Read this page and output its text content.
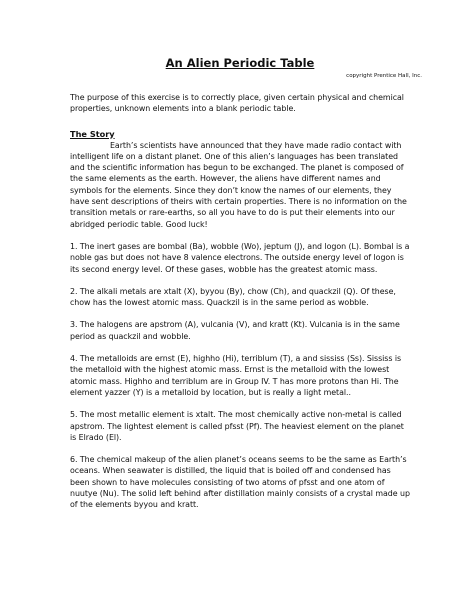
An Alien Periodic Table
copyright Prentice Hall, Inc.

The purpose of this exercise is to correctly place, given certain physical and chemical properties, unknown elements into a blank periodic table.

The Story

Earth’s scientists have announced that they have made radio contact with intelligent life on a distant planet. One of this alien’s languages has been translated and the scientific information has begun to be exchanged. The planet is composed of the same elements as the earth. However, the aliens have different names and symbols for the elements. Since they don’t know the names of our elements, they have sent descriptions of theirs with certain properties. There is no information on the transition metals or rare-earths, so all you have to do is put their elements into our abridged periodic table. Good luck!

1. The inert gases are bombal (Ba), wobble (Wo), jeptum (J), and logon (L). Bombal is a noble gas but does not have 8 valence electrons. The outside energy level of logon is its second energy level. Of these gases, wobble has the greatest atomic mass.

2. The alkali metals are xtalt (X), byyou (By), chow (Ch), and quackzil (Q). Of these, chow has the lowest atomic mass. Quackzil is in the same period as wobble.

3. The halogens are apstrom (A), vulcania (V), and kratt (Kt). Vulcania is in the same period as quackzil and wobble.

4. The metalloids are ernst (E), highho (Hi), terriblum (T), a and sississ (Ss). Sississ is the metalloid with the highest atomic mass. Ernst is the metalloid with the lowest atomic mass. Highho and terriblum are in Group IV. T has more protons than Hi. The element yazzer (Y) is a metalloid by location, but is really a light metal..

5. The most metallic element is xtalt. The most chemically active non-metal is called apstrom. The lightest element is called pfsst (Pf). The heaviest element on the planet is Elrado (El).

6. The chemical makeup of the alien planet’s oceans seems to be the same as Earth’s oceans. When seawater is distilled, the liquid that is boiled off and condensed has been shown to have molecules consisting of two atoms of pfsst and one atom of nuutye (Nu). The solid left behind after distillation mainly consists of a crystal made up of the elements byyou and kratt.
